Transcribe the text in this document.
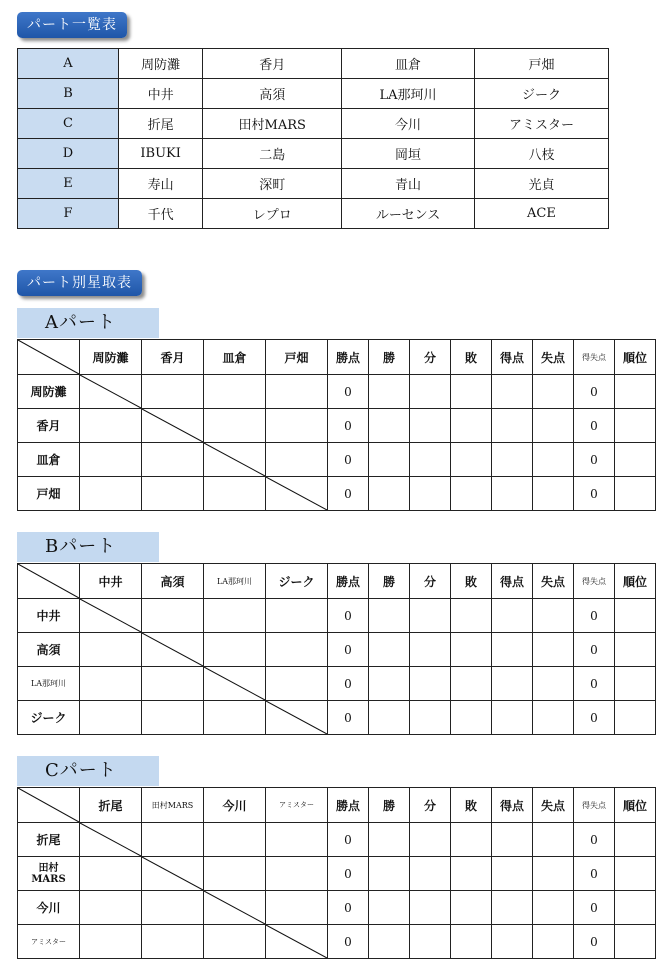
パート一覧表
A	周防灘	香月	皿倉	戸畑
B	中井	高須	LA那珂川	ジーク
C	折尾	田村MARS	今川	アミスター
D	IBUKI	二島	岡垣	八枝
E	寿山	深町	青山	光貞
F	千代	レプロ	ルーセンス	ACE
パート別星取表
Aパート
	周防灘	香月	皿倉	戸畑	勝点	勝	分	敗	得点	失点	得失点	順位
周防灘					0						0	
香月					0						0	
皿倉					0						0	
戸畑					0						0	
Bパート
	中井	高須	LA那珂川	ジーク	勝点	勝	分	敗	得点	失点	得失点	順位
中井					0						0	
高須					0						0	
LA那珂川					0						0	
ジーク					0						0	
Cパート
	折尾	田村MARS	今川	アミスター	勝点	勝	分	敗	得点	失点	得失点	順位
折尾					0						0	
田村
MARS					0						0	
今川					0						0	
アミスター					0						0	
